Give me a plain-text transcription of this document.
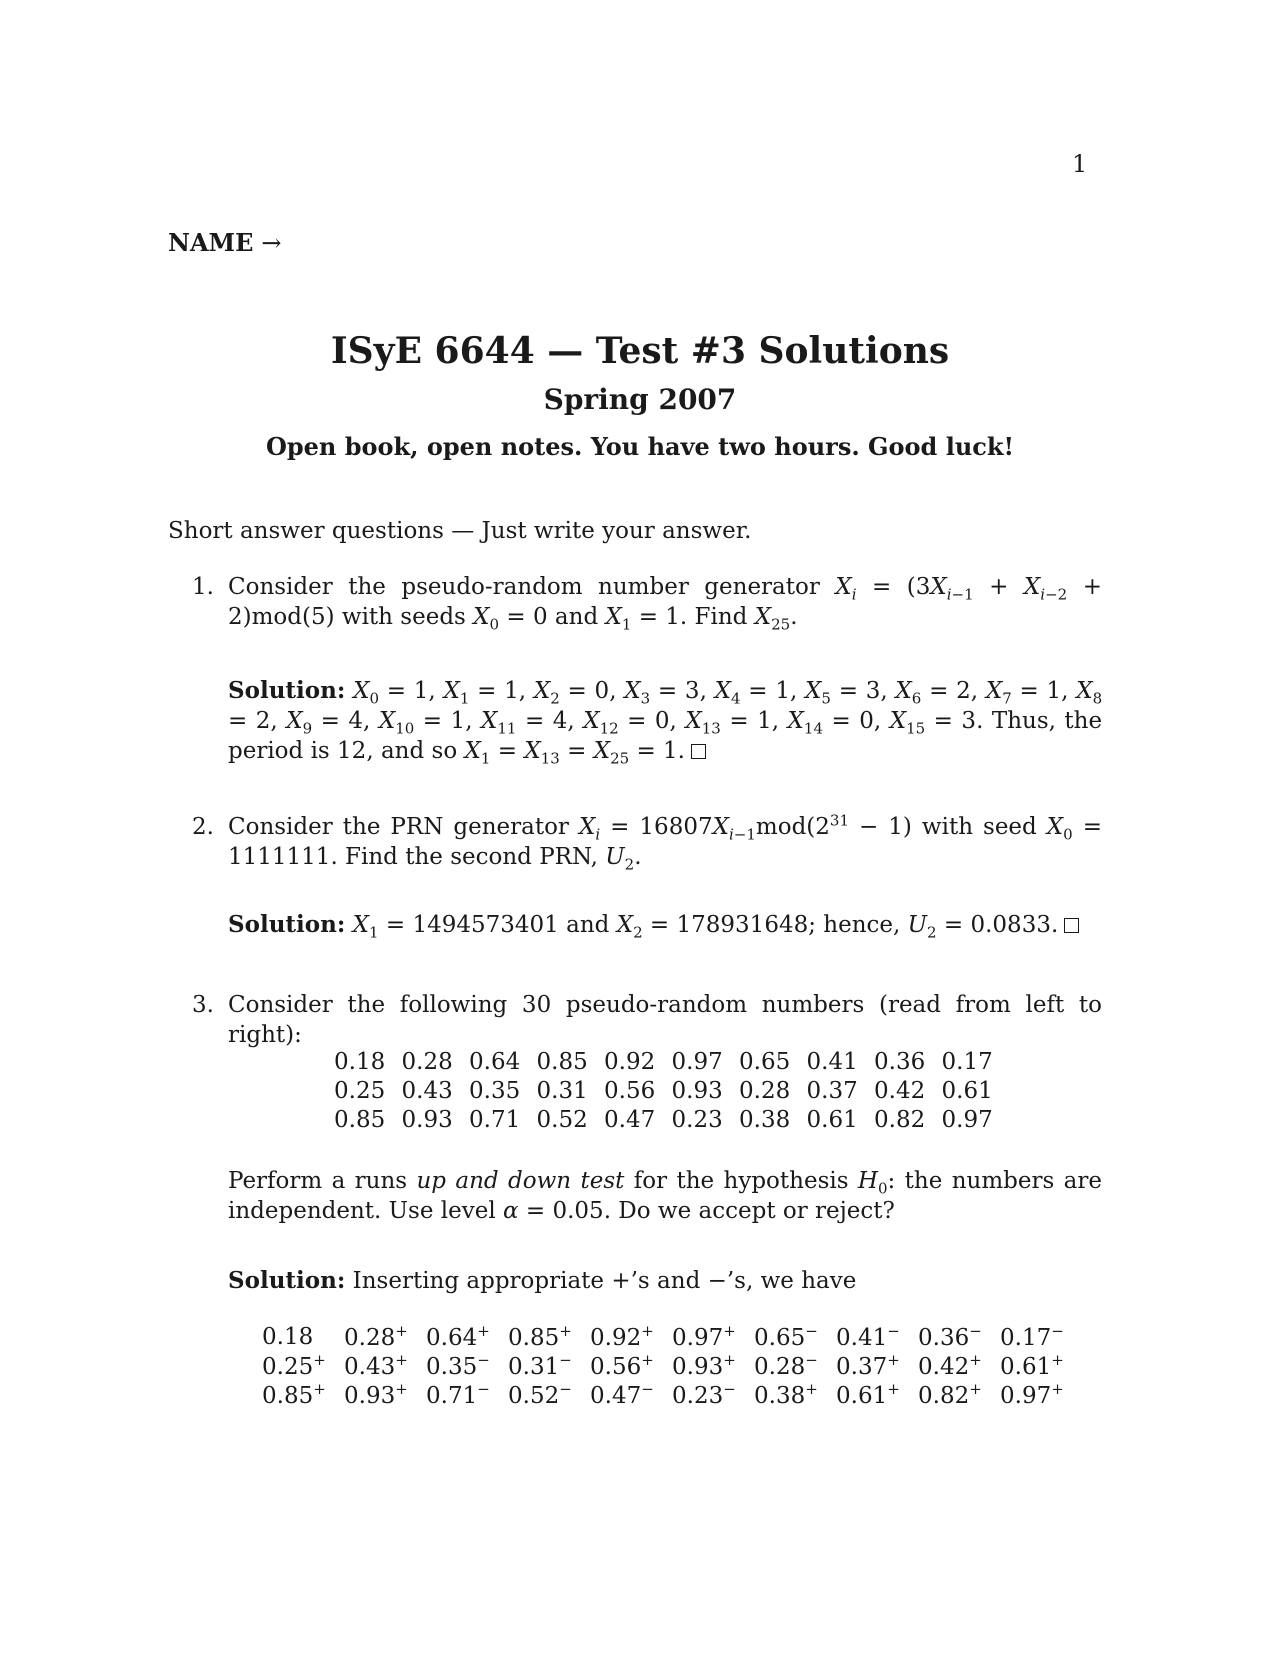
1
NAME →
ISyE 6644 — Test #3 Solutions
Spring 2007
Open book, open notes. You have two hours. Good luck!
Short answer questions — Just write your answer.
1. Consider the pseudo-random number generator $X_i = (3X_{i-1} + X_{i-2} + 2)mod(5)$ with seeds $X_0 = 0$ and $X_1 = 1$. Find $X_{25}$.
Solution: $X_0 = 1$, $X_1 = 1$, $X_2 = 0$, $X_3 = 3$, $X_4 = 1$, $X_5 = 3$, $X_6 = 2$, $X_7 = 1$, $X_8 = 2$, $X_9 = 4$, $X_{10} = 1$, $X_{11} = 4$, $X_{12} = 0$, $X_{13} = 1$, $X_{14} = 0$, $X_{15} = 3$. Thus, the period is 12, and so $X_1 = X_{13} = X_{25} = 1$.
2. Consider the PRN generator $X_i = 16807X_{i-1}mod(2^{31} - 1)$ with seed $X_0 = 1111111$. Find the second PRN, $U_2$.
Solution: $X_1 = 1494573401$ and $X_2 = 178931648$; hence, $U_2 = 0.0833$.
3. Consider the following 30 pseudo-random numbers (read from left to right):
0.18	0.28	0.64	0.85	0.92	0.97	0.65	0.41	0.36	0.17
0.25	0.43	0.35	0.31	0.56	0.93	0.28	0.37	0.42	0.61
0.85	0.93	0.71	0.52	0.47	0.23	0.38	0.61	0.82	0.97
Perform a runs up and down test for the hypothesis $H_0$: the numbers are independent. Use level α = 0.05. Do we accept or reject?
Solution: Inserting appropriate +’s and −’s, we have
0.18	0.28+	0.64+	0.85+	0.92+	0.97+	0.65−	0.41−	0.36−	0.17−
0.25+	0.43+	0.35−	0.31−	0.56+	0.93+	0.28−	0.37+	0.42+	0.61+
0.85+	0.93+	0.71−	0.52−	0.47−	0.23−	0.38+	0.61+	0.82+	0.97+
